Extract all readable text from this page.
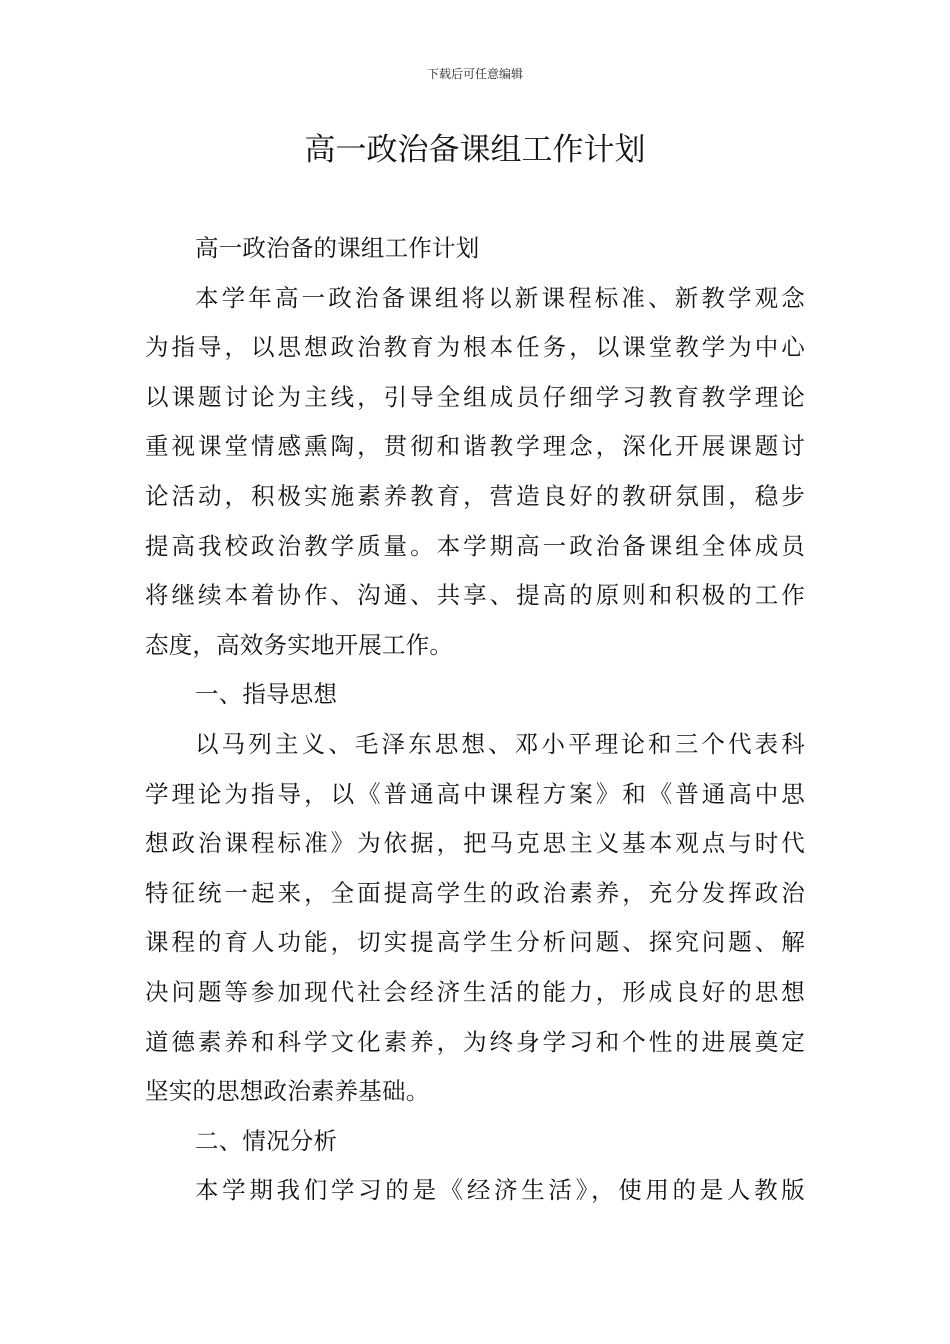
下载后可任意编辑
高一政治备课组工作计划
高一政治备的课组工作计划
本学年高一政治备课组将以新课程标准、新教学观念
为指导，以思想政治教育为根本任务，以课堂教学为中心
以课题讨论为主线，引导全组成员仔细学习教育教学理论
重视课堂情感熏陶，贯彻和谐教学理念，深化开展课题讨
论活动，积极实施素养教育，营造良好的教研氛围，稳步
提高我校政治教学质量。本学期高一政治备课组全体成员
将继续本着协作、沟通、共享、提高的原则和积极的工作
态度，高效务实地开展工作。
一、指导思想
以马列主义、毛泽东思想、邓小平理论和三个代表科
学理论为指导，以《普通高中课程方案》和《普通高中思
想政治课程标准》为依据，把马克思主义基本观点与时代
特征统一起来，全面提高学生的政治素养，充分发挥政治
课程的育人功能，切实提高学生分析问题、探究问题、解
决问题等参加现代社会经济生活的能力，形成良好的思想
道德素养和科学文化素养，为终身学习和个性的进展奠定
坚实的思想政治素养基础。
二、情况分析
本学期我们学习的是《经济生活》，使用的是人教版
